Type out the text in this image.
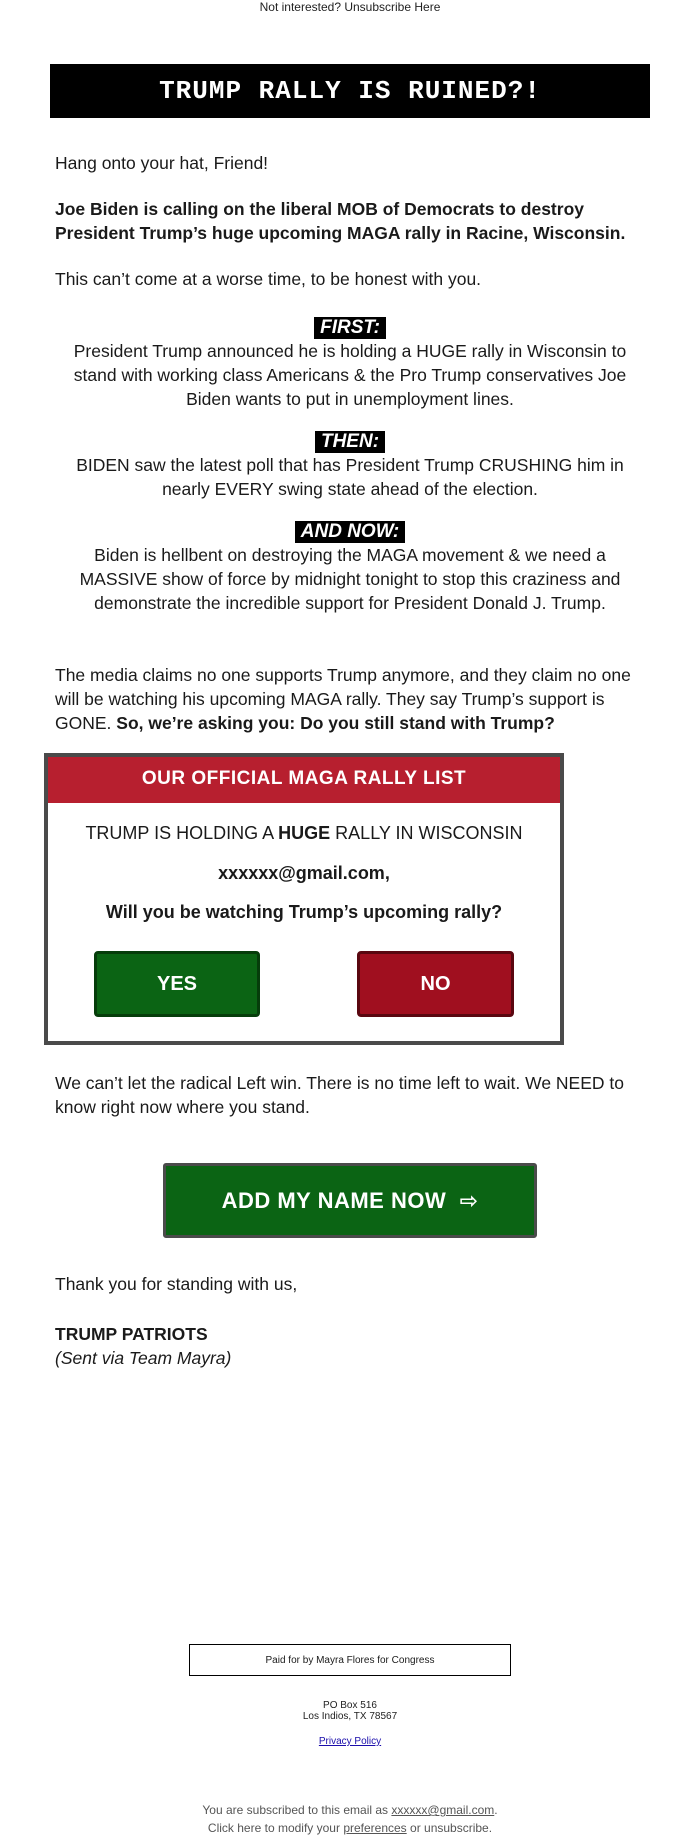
Not interested? Unsubscribe Here
TRUMP RALLY IS RUINED?!

Hang onto your hat, Friend!

Joe Biden is calling on the liberal MOB of Democrats to destroy President Trump’s huge upcoming MAGA rally in Racine, Wisconsin.

This can’t come at a worse time, to be honest with you.

FIRST:
President Trump announced he is holding a HUGE rally in Wisconsin to stand with working class Americans & the Pro Trump conservatives Joe Biden wants to put in unemployment lines.
THEN:
BIDEN saw the latest poll that has President Trump CRUSHING him in nearly EVERY swing state ahead of the election.
AND NOW:
Biden is hellbent on destroying the MAGA movement & we need a MASSIVE show of force by midnight tonight to stop this craziness and demonstrate the incredible support for President Donald J. Trump.

The media claims no one supports Trump anymore, and they claim no one will be watching his upcoming MAGA rally. They say Trump’s support is GONE. So, we’re asking you: Do you still stand with Trump?

OUR OFFICIAL MAGA RALLY LIST
TRUMP IS HOLDING A HUGE RALLY IN WISCONSIN
xxxxxx@gmail.com,
Will you be watching Trump’s upcoming rally?
YES	NO

We can’t let the radical Left win. There is no time left to wait. We NEED to know right now where you stand.

ADD MY NAME NOW
⇨

Thank you for standing with us,

TRUMP PATRIOTS

(Sent via Team Mayra)

Paid for by Mayra Flores for Congress
PO Box 516
Los Indios, TX 78567
Privacy Policy
You are subscribed to this email as xxxxxx@gmail.com.
Click here to modify your preferences or unsubscribe.
